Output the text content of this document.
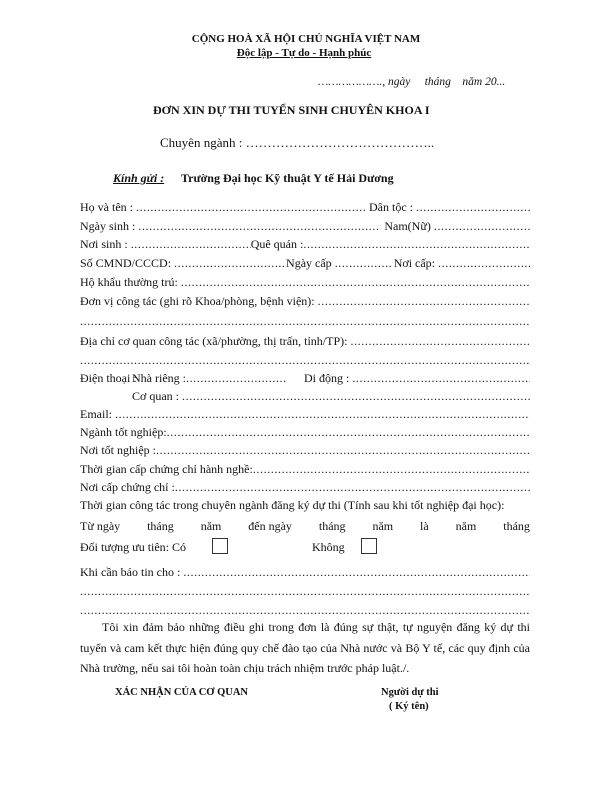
CỘNG HOÀ XÃ HỘI CHỦ NGHĨA VIỆT NAM
Độc lập - Tự do - Hạnh phúc
………………., ngày     tháng    năm 20...
ĐƠN XIN DỰ THI TUYỂN SINH CHUYÊN KHOA I
Chuyên ngành : ……………………………………..
Kính gửi : Trường Đại học Kỹ thuật Y tế Hải Dương
Họ và tên : .....	Dân tộc :
.....
Ngày sinh : .....	Nam(Nữ)
.....
Nơi sinh : .....	Quê quán :
.....
Số CMND/CCCD: .....	Ngày cấp .....	Nơi cấp:
.....
Hộ khẩu thường trú:
.....
Đơn vị công tác (ghi rõ Khoa/phòng, bệnh viện):
.....
.....
Địa chỉ cơ quan công tác (xã/phường, thị trấn, tỉnh/TP):
.....
.....
Điện thoại :
Nhà riêng : .....	Di động :
.....
Cơ quan :
.....
Email:
.....
Ngành tốt nghiệp:
.....
Nơi tốt nghiệp :
.....
Thời gian cấp chứng chỉ hành nghề:
.....
Nơi cấp chứng chỉ :
.....
Thời gian công tác trong chuyên ngành đăng ký dự thi (Tính sau khi tốt nghiệp đại học):
Từ ngày tháng năm đến ngày tháng năm là năm tháng
Đối tượng ưu tiên: Có	Không
Khi cần báo tin cho :
.....
.....
.....
Tôi xin đảm bảo những điều ghi trong đơn là đúng sự thật, tự nguyện đăng ký dự thi tuyển và cam kết thực hiện đúng quy chế đào tạo của Nhà nước và Bộ Y tế, các quy định của Nhà trường, nếu sai tôi hoàn toàn chịu trách nhiệm trước pháp luật./.
XÁC NHẬN CỦA CƠ QUAN	Người dự thi
( Ký tên)
